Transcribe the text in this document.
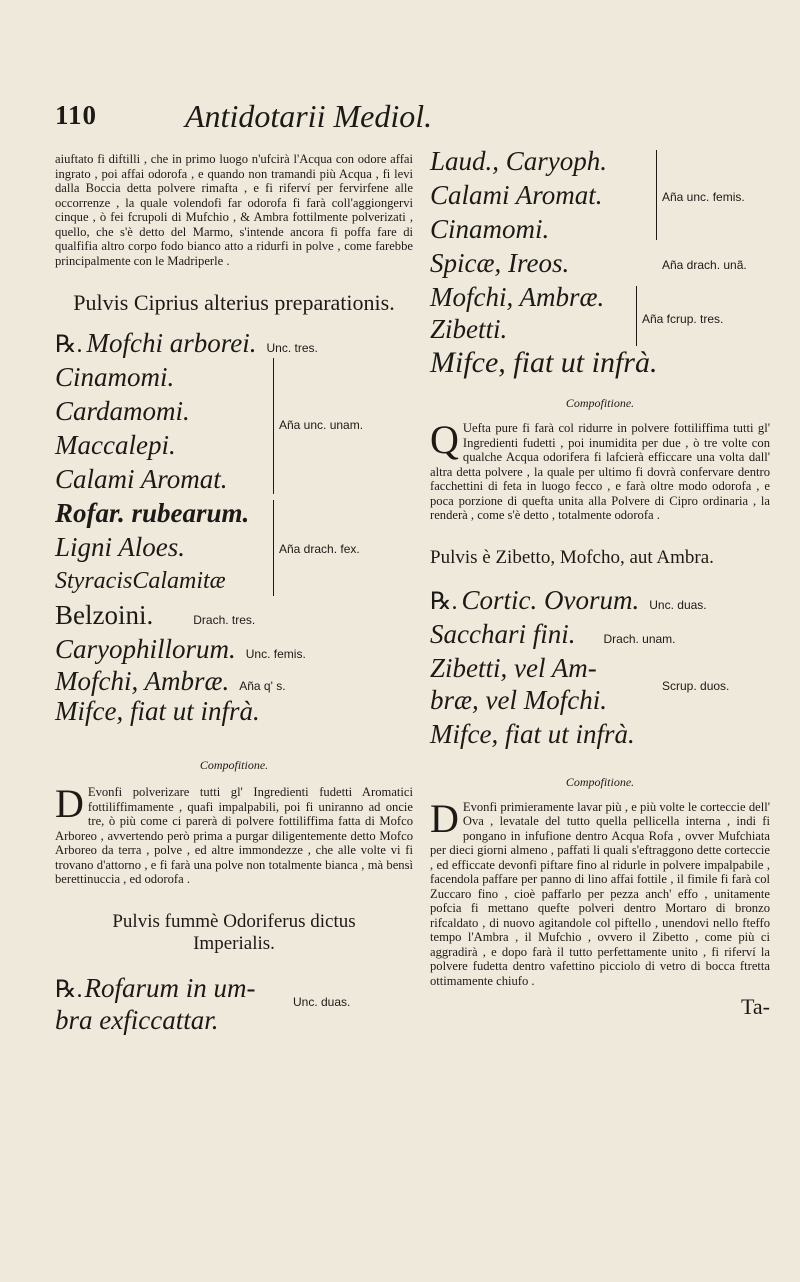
110	Antidotarii Mediol.

aiuftato fi diftilli , che in primo luogo n'ufcirà l'Acqua con odore affai ingrato , poi affai odorofa , e quando non tramandi più Acqua , fi levi dalla Boccia detta polvere rimafta , e fi riferví per fervirfene alle occorrenze , la quale volendofi far odorofa fi farà coll'aggiongervi cinque , ò fei fcrupoli di Mufchio , & Ambra fottilmente polverizati , quello, che s'è detto del Marmo, s'intende ancora fi poffa fare di qualfifia altro corpo fodo bianco atto a ridurfi in polve , come farebbe principalmente con le Madriperle .

Pulvis Ciprius alterius preparationis.

℞. Mofchi arborei. Unc. tres.
Cinamomi.
Cardamomi.
Maccalepi.
Calami Aromat.
Aña unc. unam.
Rofar. rubearum.
Ligni Aloes.
StyracisCalamitæ
Aña drach. fex.
Belzoini.	Drach. tres.
Caryophillorum. Unc. femis.
Mofchi, Ambræ. Aña q' s.
Mifce, fiat ut infrà.

Compofitione.

D Evonfi polverizare tutti gl' Ingredienti fudetti Aromatici fottiliffimamente , quafi impalpabili, poi fi uniranno ad oncie tre, ò più come ci parerà di polvere fottiliffima fatta di Mofco Arboreo , avvertendo però prima a purgar diligentemente detto Mofco Arboreo da terra , polve , ed altre immondezze , che alle volte vi fi trovano d'attorno , e fi farà una polve non totalmente bianca , mà bensì berettinuccia , ed odorofa .

Pulvis fummè Odoriferus dictus

Imperialis.

℞. Rofarum in um-
bra exficcattar.
Unc. duas.
Laud., Caryoph.
Calami Aromat.
Cinamomi.
Aña unc. femis.
Spicæ, Ireos.	Aña drach. unã.
Mofchi, Ambræ.
Zibetti.	Aña fcrup. tres.
Mifce, fiat ut infrà.

Compofitione.

Q Uefta pure fi farà col ridurre in polvere fottiliffima tutti gl' Ingredienti fudetti , poi inumidita per due , ò tre volte con qualche Acqua odorifera fi lafcierà efficcare una volta dall' altra detta polvere , la quale per ultimo fi dovrà confervare dentro facchettini di feta in luogo fecco , e farà oltre modo odorofa , e poca porzione di quefta unita alla Polvere di Cipro ordinaria , la renderà , come s'è detto , totalmente odorofa .

Pulvis è Zibetto, Mofcho, aut Ambra.

℞. Cortic. Ovorum. Unc. duas.
Sacchari fini. Drach. unam.
Zibetti, vel Am-
bræ, vel Mofchi.	Scrup. duos.
Mifce, fiat ut infrà.

Compofitione.

D Evonfi primieramente lavar più , e più volte le corteccie dell' Ova , levatale del tutto quella pellicella interna , indi fi pongano in infufione dentro Acqua Rofa , ovver Mufchiata per dieci giorni almeno , paffati li quali s'eftraggono dette corteccie , ed efficcate devonfi piftare fino al ridurle in polvere impalpabile , facendola paffare per panno di lino affai fottile , il fimile fi farà col Zuccaro fino , cioè paffarlo per pezza anch' effo , unitamente pofcia fi mettano quefte polveri dentro Mortaro di bronzo rifcaldato , di nuovo agitandole col piftello , unendovi nello fteffo tempo l'Ambra , il Mufchio , ovvero il Zibetto , come più ci aggradirà , e dopo farà il tutto perfettamente unito , fi riferví la polvere fudetta dentro vafettino picciolo di vetro di bocca ftretta ottimamente chiufo .

Ta-
